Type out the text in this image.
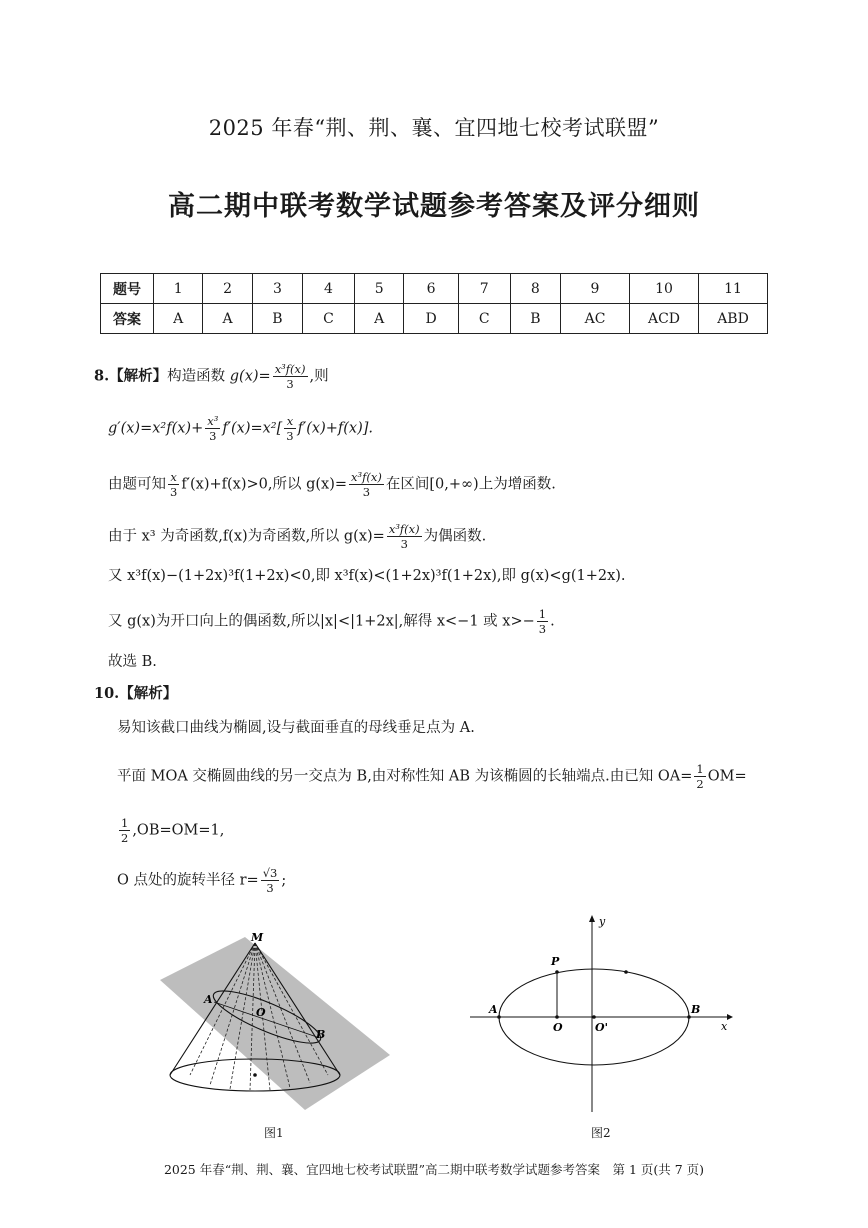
2025 年春“荆、荆、襄、宜四地七校考试联盟”
高二期中联考数学试题参考答案及评分细则
题号	1	2	3	4	5	6	7	8	9	10	11
答案	A	A	B	C	A	D	C	B	AC	ACD	ABD
8.【解析】构造函数 $g(x)= \frac{\text{x³f(x)}}{3}$ ,则
$g'(x)=x^2f(x)+ \frac{\text{x³}}{3} f'(x)=x^2[ \frac{x}{3} f'(x)+f(x)]$.
由题可知 $\frac{x}{3} f'(x)+f(x)>0$,所以 $g(x)= \frac{\text{x³f(x)}}{3}$ 在区间[0,+∞)上为增函数.
由于 x³ 为奇函数,f(x)为奇函数,所以 $g(x)= \frac{\text{x³f(x)}}{3}$ 为偶函数.
又 x³f(x)−(1+2x)³f(1+2x)<0,即 x³f(x)<(1+2x)³f(1+2x),即 g(x)<g(1+2x).
又 g(x)为开口向上的偶函数,所以|x|<|1+2x|,解得 x<−1 或 $x>- \frac{1}{3}$ .
故选 B.
10.【解析】
易知该截口曲线为椭圆,设与截面垂直的母线垂足点为 A.
平面 MOA 交椭圆曲线的另一交点为 B,由对称性知 AB 为该椭圆的长轴端点.由已知 $OA= \frac{1}{2} OM=$
$\frac{1}{2} ,OB=OM=1$,
O 点处的旋转半径 $r= \frac{√3}{3}$ ;
M
A
O
B
图1
y
x
P
A	B
O	O'
图2
2025 年春“荆、荆、襄、宜四地七校考试联盟”高二期中联考数学试题参考答案　第 1 页(共 7 页)
